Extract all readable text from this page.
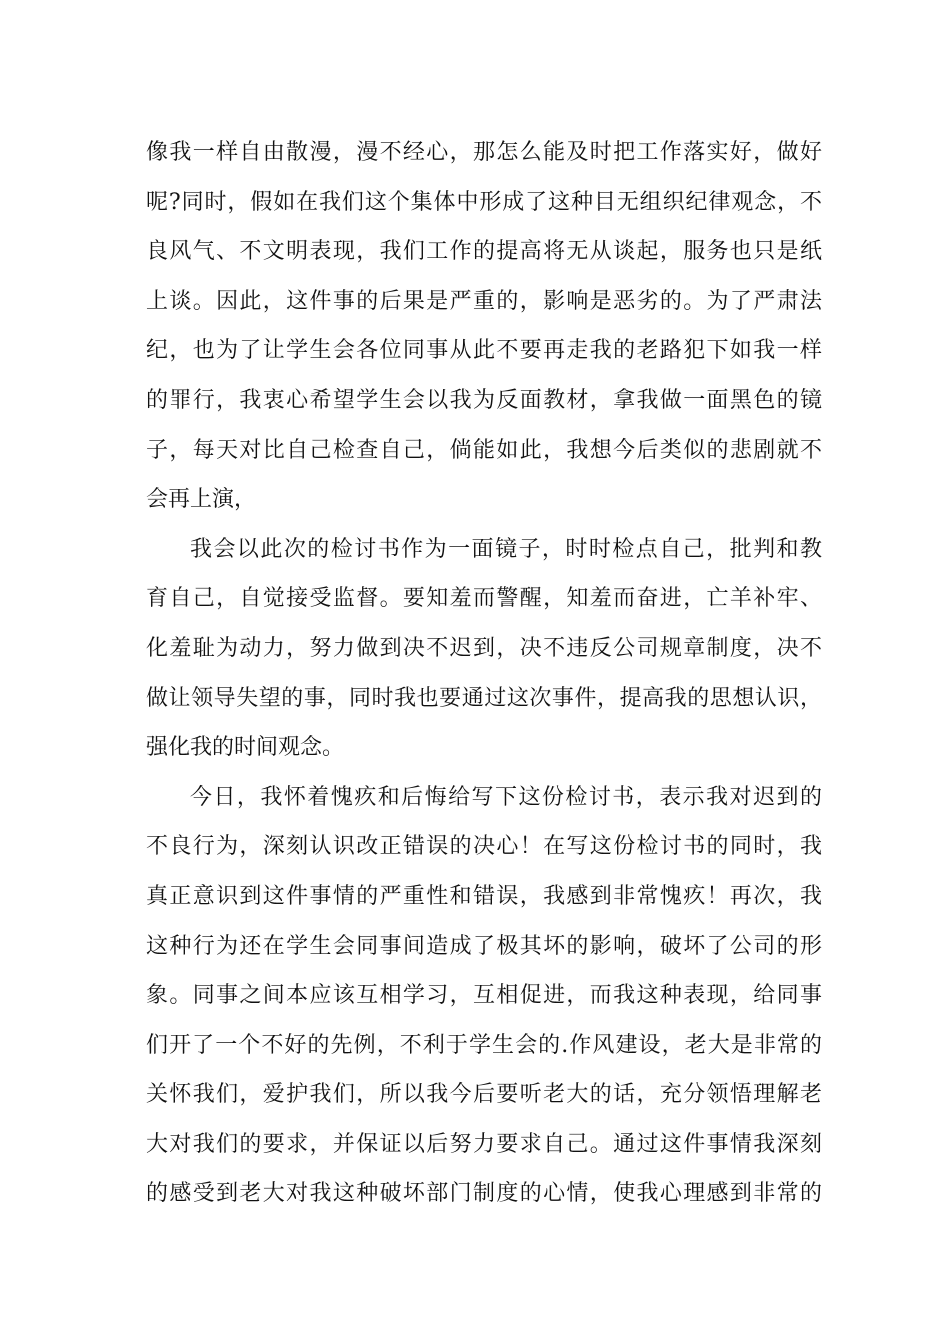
像我一样自由散漫，漫不经心，那怎么能及时把工作落实好，做好
呢?同时，假如在我们这个集体中形成了这种目无组织纪律观念，不
良风气、不文明表现，我们工作的提高将无从谈起，服务也只是纸
上谈。因此，这件事的后果是严重的，影响是恶劣的。为了严肃法
纪，也为了让学生会各位同事从此不要再走我的老路犯下如我一样
的罪行，我衷心希望学生会以我为反面教材，拿我做一面黑色的镜
子，每天对比自己检查自己，倘能如此，我想今后类似的悲剧就不
会再上演，
我会以此次的检讨书作为一面镜子，时时检点自己，批判和教
育自己，自觉接受监督。要知羞而警醒，知羞而奋进，亡羊补牢、
化羞耻为动力，努力做到决不迟到，决不违反公司规章制度，决不
做让领导失望的事，同时我也要通过这次事件，提高我的思想认识，
强化我的时间观念。
今日，我怀着愧疚和后悔给写下这份检讨书，表示我对迟到的
不良行为，深刻认识改正错误的决心！在写这份检讨书的同时，我
真正意识到这件事情的严重性和错误，我感到非常愧疚！再次，我
这种行为还在学生会同事间造成了极其坏的影响，破坏了公司的形
象。同事之间本应该互相学习，互相促进，而我这种表现，给同事
们开了一个不好的先例，不利于学生会的.作风建设，老大是非常的
关怀我们，爱护我们，所以我今后要听老大的话，充分领悟理解老
大对我们的要求，并保证以后努力要求自己。通过这件事情我深刻
的感受到老大对我这种破坏部门制度的心情，使我心理感到非常的
